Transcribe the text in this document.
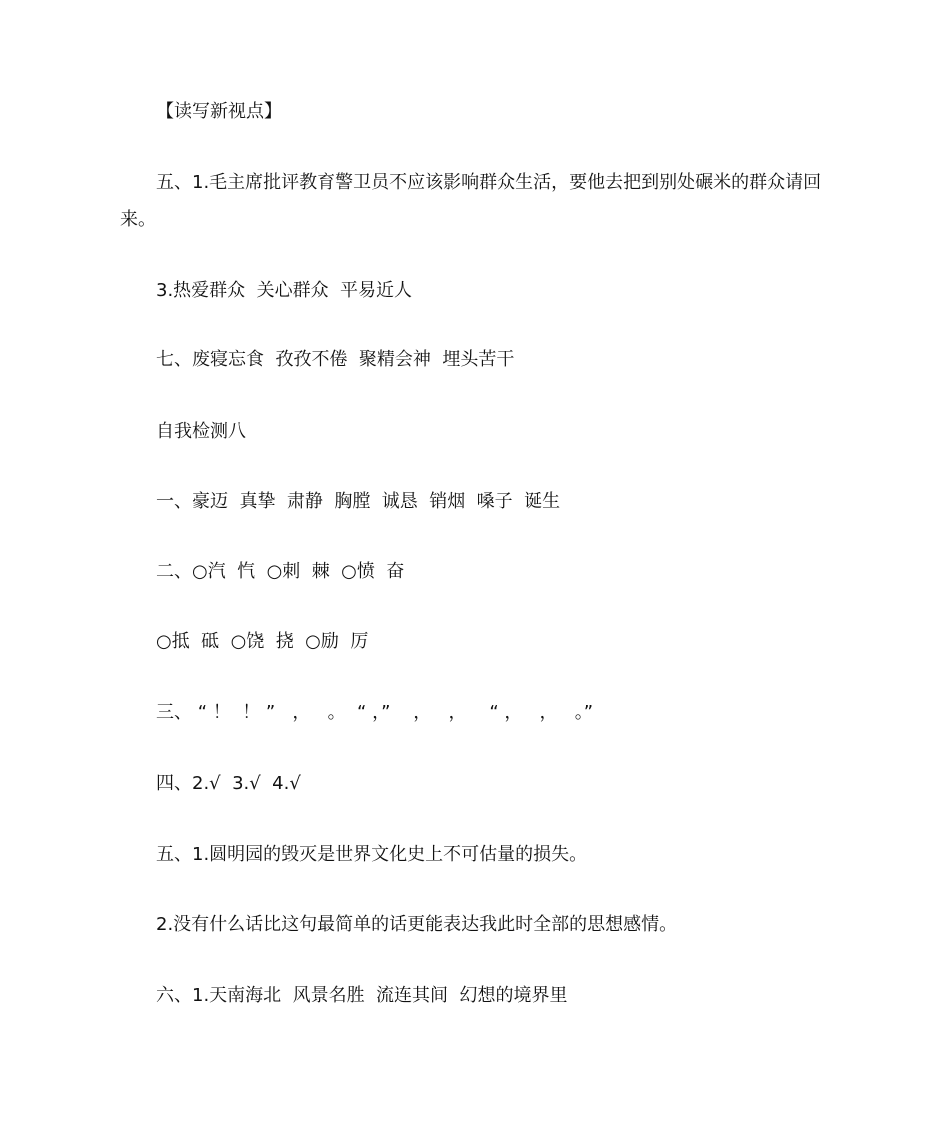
【读写新视点】
五、1.毛主席批评教育警卫员不应该影响群众生活，要他去把到别处碾米的群众请回
来。
3.热爱群众  关心群众  平易近人
七、废寝忘食  孜孜不倦  聚精会神  埋头苦干
自我检测八
一、豪迈  真挚  肃静  胸膛  诚恳  销烟  嗓子  诞生
二、○汽  忾  ○刺  棘  ○愤  奋
○抵  砥  ○饶  挠  ○励  厉
三、 “ ！  ！ ”   ，   。  “ ，”    ，   ，    “ ，   ，   。”
四、2.√  3.√  4.√
五、1.圆明园的毁灭是世界文化史上不可估量的损失。
2.没有什么话比这句最简单的话更能表达我此时全部的思想感情。
六、1.天南海北  风景名胜  流连其间  幻想的境界里
